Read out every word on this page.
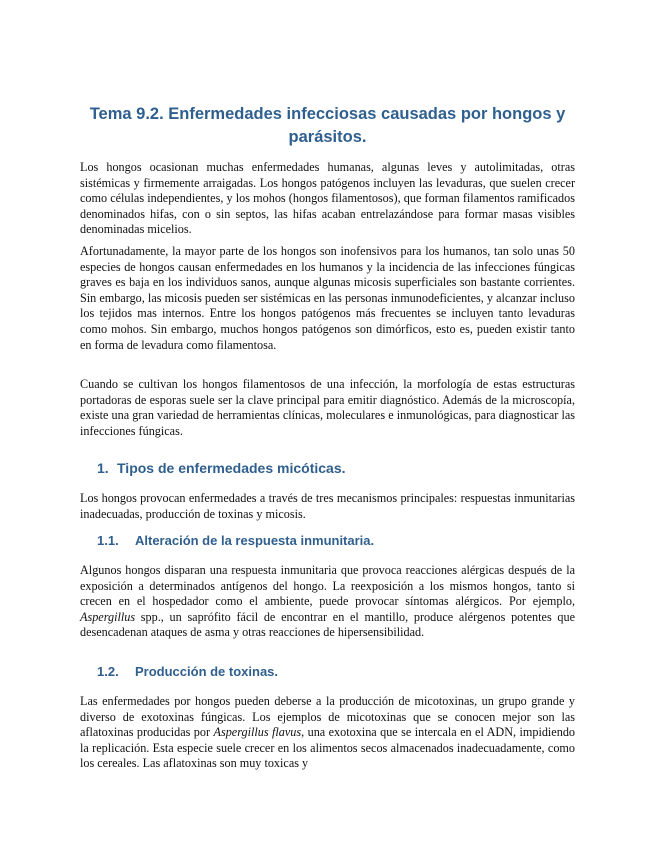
Tema 9.2. Enfermedades infecciosas causadas por hongos y parásitos.

Los hongos ocasionan muchas enfermedades humanas, algunas leves y autolimitadas, otras sistémicas y firmemente arraigadas. Los hongos patógenos incluyen las levaduras, que suelen crecer como células independientes, y los mohos (hongos filamentosos), que forman filamentos ramificados denominados hifas, con o sin septos, las hifas acaban entrelazándose para formar masas visibles denominadas micelios.

Afortunadamente, la mayor parte de los hongos son inofensivos para los humanos, tan solo unas 50 especies de hongos causan enfermedades en los humanos y la incidencia de las infecciones fúngicas graves es baja en los individuos sanos, aunque algunas micosis superficiales son bastante corrientes. Sin embargo, las micosis pueden ser sistémicas en las personas inmunodeficientes, y alcanzar incluso los tejidos mas internos. Entre los hongos patógenos más frecuentes se incluyen tanto levaduras como mohos. Sin embargo, muchos hongos patógenos son dimórficos, esto es, pueden existir tanto en forma de levadura como filamentosa.

Cuando se cultivan los hongos filamentosos de una infección, la morfología de estas estructuras portadoras de esporas suele ser la clave principal para emitir diagnóstico. Además de la microscopía, existe una gran variedad de herramientas clínicas, moleculares e inmunológicas, para diagnosticar las infecciones fúngicas.

1. Tipos de enfermedades micóticas.

Los hongos provocan enfermedades a través de tres mecanismos principales: respuestas inmunitarias inadecuadas, producción de toxinas y micosis.

1.1. Alteración de la respuesta inmunitaria.

Algunos hongos disparan una respuesta inmunitaria que provoca reacciones alérgicas después de la exposición a determinados antígenos del hongo. La reexposición a los mismos hongos, tanto si crecen en el hospedador como el ambiente, puede provocar síntomas alérgicos. Por ejemplo, Aspergillus spp., un saprófito fácil de encontrar en el mantillo, produce alérgenos potentes que desencadenan ataques de asma y otras reacciones de hipersensibilidad.

1.2. Producción de toxinas.

Las enfermedades por hongos pueden deberse a la producción de micotoxinas, un grupo grande y diverso de exotoxinas fúngicas. Los ejemplos de micotoxinas que se conocen mejor son las aflatoxinas producidas por Aspergillus flavus, una exotoxina que se intercala en el ADN, impidiendo la replicación. Esta especie suele crecer en los alimentos secos almacenados inadecuadamente, como los cereales. Las aflatoxinas son muy toxicas y
